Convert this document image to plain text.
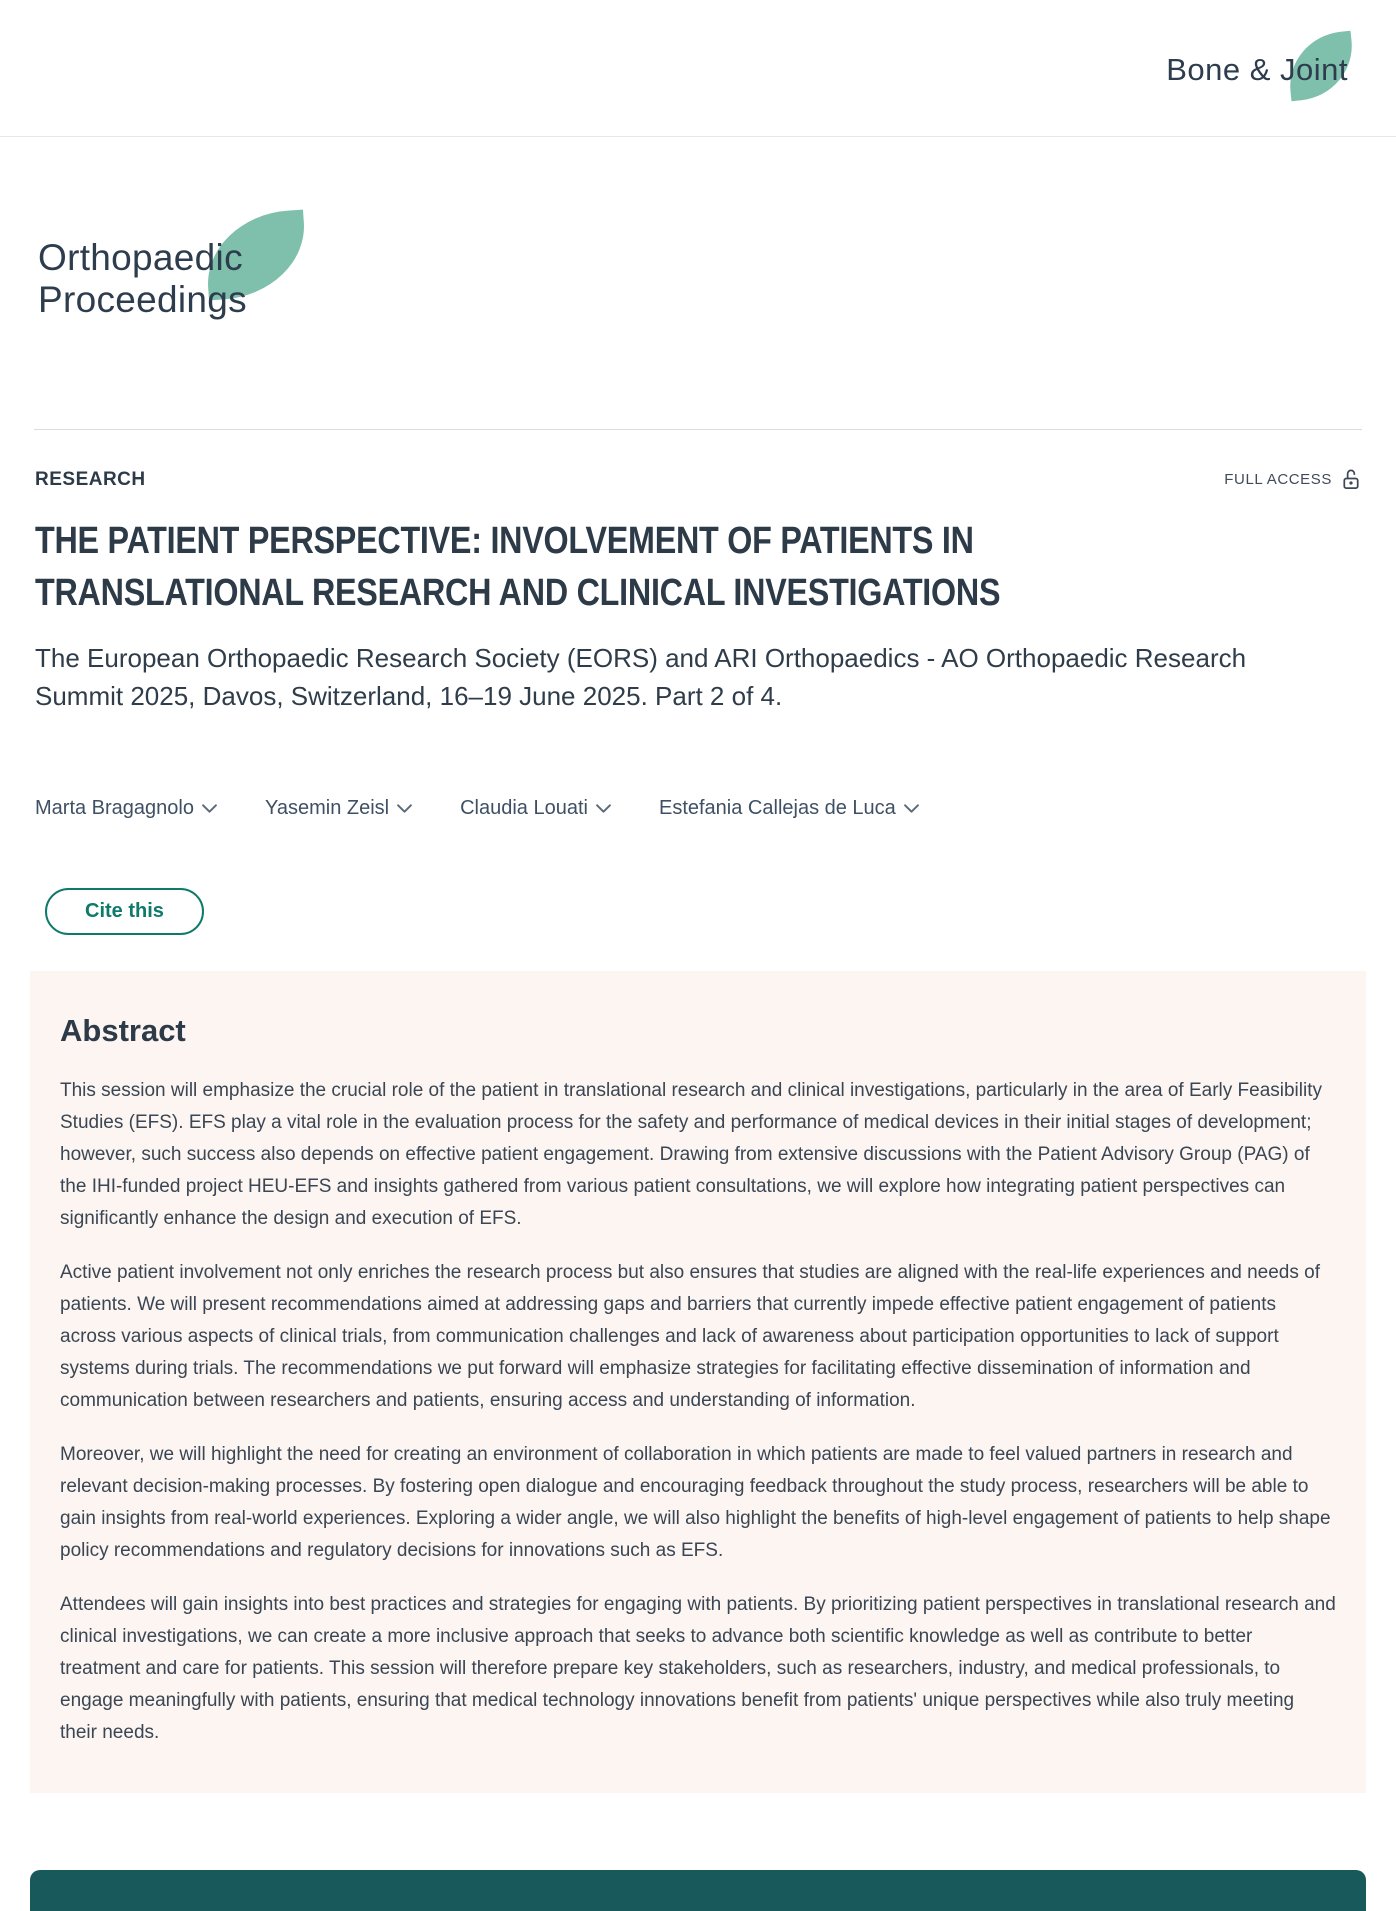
Bone & Joint
Orthopaedic
Proceedings
RESEARCH	FULL ACCESS
THE PATIENT PERSPECTIVE: INVOLVEMENT OF PATIENTS IN
TRANSLATIONAL RESEARCH AND CLINICAL INVESTIGATIONS

The European Orthopaedic Research Society (EORS) and ARI Orthopaedics - AO Orthopaedic Research
Summit 2025, Davos, Switzerland, 16–19 June 2025. Part 2 of 4.

Marta Bragagnolo	Yasemin Zeisl	Claudia Louati	Estefania Callejas de Luca
Cite this
Abstract

This session will emphasize the crucial role of the patient in translational research and clinical investigations, particularly in the area of Early Feasibility Studies (EFS). EFS play a vital role in the evaluation process for the safety and performance of medical devices in their initial stages of development; however, such success also depends on effective patient engagement. Drawing from extensive discussions with the Patient Advisory Group (PAG) of the IHI-funded project HEU-EFS and insights gathered from various patient consultations, we will explore how integrating patient perspectives can significantly enhance the design and execution of EFS.

Active patient involvement not only enriches the research process but also ensures that studies are aligned with the real-life experiences and needs of patients. We will present recommendations aimed at addressing gaps and barriers that currently impede effective patient engagement of patients across various aspects of clinical trials, from communication challenges and lack of awareness about participation opportunities to lack of support systems during trials. The recommendations we put forward will emphasize strategies for facilitating effective dissemination of information and communication between researchers and patients, ensuring access and understanding of information.

Moreover, we will highlight the need for creating an environment of collaboration in which patients are made to feel valued partners in research and relevant decision-making processes. By fostering open dialogue and encouraging feedback throughout the study process, researchers will be able to gain insights from real-world experiences. Exploring a wider angle, we will also highlight the benefits of high-level engagement of patients to help shape policy recommendations and regulatory decisions for innovations such as EFS.

Attendees will gain insights into best practices and strategies for engaging with patients. By prioritizing patient perspectives in translational research and clinical investigations, we can create a more inclusive approach that seeks to advance both scientific knowledge as well as contribute to better treatment and care for patients. This session will therefore prepare key stakeholders, such as researchers, industry, and medical professionals, to engage meaningfully with patients, ensuring that medical technology innovations benefit from patients' unique perspectives while also truly meeting their needs.
